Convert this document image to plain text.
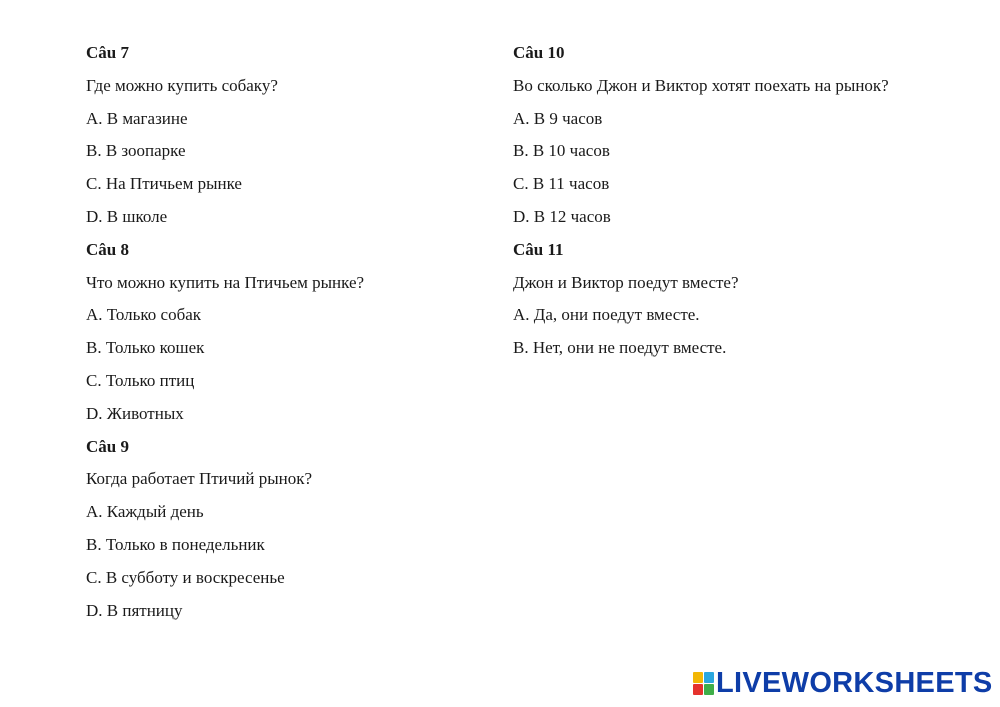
Câu 7
Где можно купить собаку?
A. В магазине
B. В зоопарке
C. На Птичьем рынке
D. В школе
Câu 8
Что можно купить на Птичьем рынке?
A. Только собак
B. Только кошек
C. Только птиц
D. Животных
Câu 9
Когда работает Птичий рынок?
A. Каждый день
B. Только в понедельник
C. В субботу и воскресенье
D. В пятницу
Câu 10
Во сколько Джон и Виктор хотят поехать на рынок?
A. В 9 часов
B. В 10 часов
C. В 11 часов
D. В 12 часов
Câu 11
Джон и Виктор поедут вместе?
A. Да, они поедут вместе.
B. Нет, они не поедут вместе.
LIVEWORKSHEETS
